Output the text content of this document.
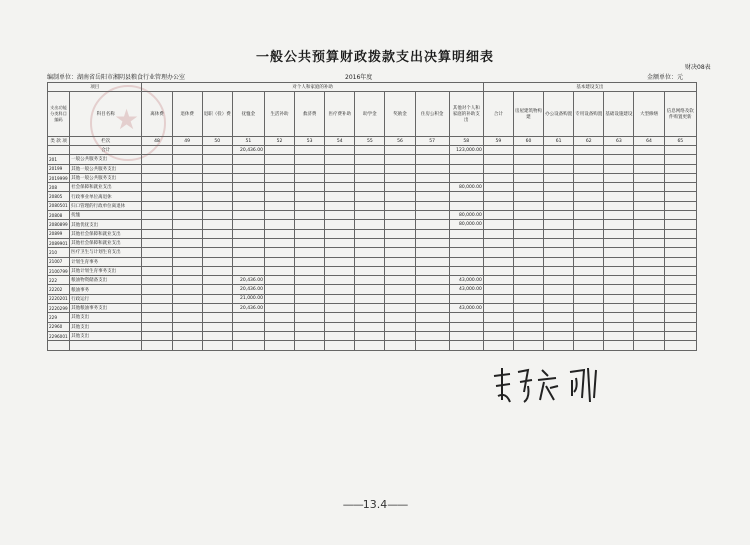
★
一般公共预算财政拨款支出决算明细表
财决08表
编制单位：湖南省岳阳市湘阴县粮食行业管理办公室	2016年度	金额单位：元
项目		对个人和家庭的补助											基本建设支出						
支出功能分类科目编码	科目名称	离休费	退休费	退职（役）费	抚恤金	生活补助	救济费	医疗费补助	助学金	奖励金	住房公积金	其他对个人和家庭的补助支出	合计	房屋建筑物构建	办公设备购置	专用设备购置	基础设施建设	大型修缮	信息网络及软件购置更新
类 款 项	栏次	48	49	50	51	52	53	54	55	56	57	58	59	60	61	62	63	64	65
	合计				20,436.00							123,000.00							
201	一般公共服务支出																		
20199	其他一般公共服务支出																		
2019999	其他一般公共服务支出																		
208	社会保障和就业支出											80,000.00							
20805	行政事业单位离退休																		
2080501	归口管理的行政单位离退休																		
20808	抚恤											80,000.00							
2080899	其他优抚支出											80,000.00							
20899	其他社会保障和就业支出																		
2089901	其他社会保障和就业支出																		
210	医疗卫生与计划生育支出																		
21007	计划生育事务																		
2100799	其他计划生育事务支出																		
222	粮油物资储备支出				20,436.00							43,000.00							
22202	粮油事务				20,436.00							43,000.00							
2220201	行政运行				21,000.00														
2220299	其他粮油事务支出				20,436.00							43,000.00							
229	其他支出																		
22960	其他支出																		
2296001	其他支出																		

——13.4——
